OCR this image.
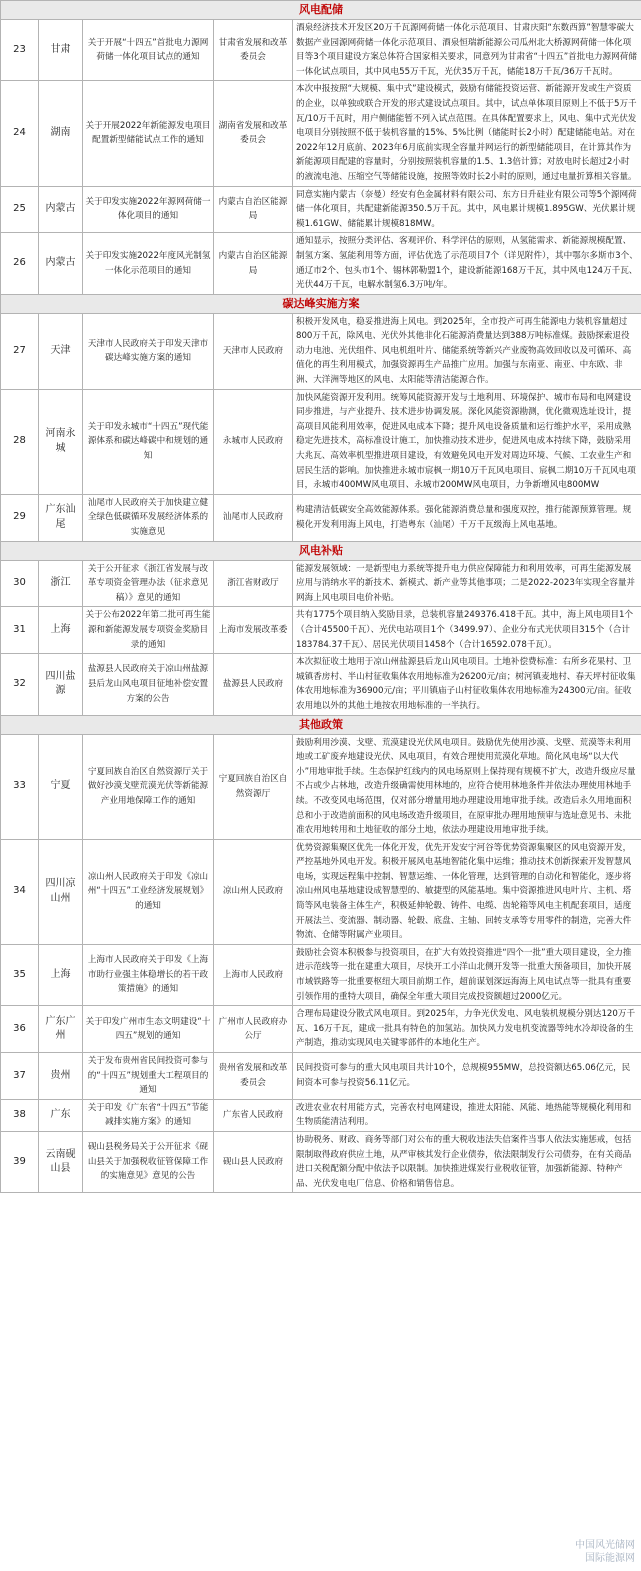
风电配储				
23	甘肃	关于开展“十四五”首批电力源网荷储一体化项目试点的通知	甘肃省发展和改革委员会	酒泉经济技术开发区20万千瓦源网荷储一体化示范项目、甘肃庆阳“东数西算”智慧零碳大数据产业园源网荷储一体化示范项目、酒泉恒瑞新能源公司瓜州北大桥源网荷储一体化项目等3个项目建设方案总体符合国家相关要求，同意列为甘肃省“十四五”首批电力源网荷储一体化试点项目，其中风电55万千瓦，光伏35万千瓦，储能18万千瓦/36万千瓦时。
24	湖南	关于开展2022年新能源发电项目配置新型储能试点工作的通知	湖南省发展和改革委员会	本次申报按照“大规模、集中式”建设模式，鼓励有储能投资运营、新能源开发或生产资质的企业，以单独或联合开发的形式建设试点项目。其中，试点单体项目原则上不低于5万千瓦/10万千瓦时，用户侧储能暂不列入试点范围。在具体配置要求上，风电、集中式光伏发电项目分别按照不低于装机容量的15%、5%比例（储能时长2小时）配建储能电站。对在2022年12月底前、2023年6月底前实现全容量并网运行的新型储能项目，在计算其作为新能源项目配建的容量时，分别按照装机容量的1.5、1.3倍计算；对放电时长超过2小时的液流电池、压缩空气等储能设施，按照等效时长2小时的原则，通过电量折算相关容量。
25	内蒙古	关于印发实施2022年源网荷储一体化项目的通知	内蒙古自治区能源局	同意实施内蒙古（奈曼）经安有色金属材料有限公司、东方日升硅业有限公司等5个源网荷储一体化项目，共配建新能源350.5万千瓦。其中，风电累计规模1.895GW、光伏累计规模1.61GW、储能累计规模818MW。
26	内蒙古	关于印发实施2022年度风光制氢一体化示范项目的通知	内蒙古自治区能源局	通知显示，按照分类评估、客观评价、科学评估的原则，从氢能需求、新能源规模配置、制氢方案、氢能利用等方面，评估优选了示范项目7个（详见附件），其中鄂尔多斯市3个、通辽市2个、包头市1个、锡林郭勒盟1个，建设新能源168万千瓦，其中风电124万千瓦、光伏44万千瓦，电解水制氢6.3万吨/年。
碳达峰实施方案				
27	天津	天津市人民政府关于印发天津市碳达峰实施方案的通知	天津市人民政府	积极开发风电，稳妥推进海上风电。到2025年，全市投产可再生能源电力装机容量超过800万千瓦，除风电、光伏外其他非化石能源消费量达到388万吨标准煤。鼓励探索退役动力电池、光伏组件、风电机组叶片、储能系统等新兴产业废物高效回收以及可循环、高值化的再生利用模式，加强资源再生产品推广应用。加强与东南亚、南亚、中东欧、非洲、大洋洲等地区的风电、太阳能等清洁能源合作。
28	河南永城	关于印发永城市“十四五”现代能源体系和碳达峰碳中和规划的通知	永城市人民政府	加快风能资源开发利用。统筹风能资源开发与土地利用、环境保护、城市布局和电网建设同步推进，与产业提升、技术进步协调发展。深化风能资源勘测，优化微观选址设计，提高项目风能利用效率，促进风电成本下降；提升风电设备质量和运行维护水平，采用成熟稳定先进技术，高标准设计施工，加快推动技术进步，促进风电成本持续下降，鼓励采用大兆瓦、高效率机型推进项目建设，有效避免风电开发对周边环境、气候、工农业生产和居民生活的影响。加快推进永城市宸枫一期10万千瓦风电项目、宸枫二期10万千瓦风电项目，永城市400MW风电项目、永城市200MW风电项目，力争新增风电800MW
29	广东汕尾	汕尾市人民政府关于加快建立健全绿色低碳循环发展经济体系的实施意见	汕尾市人民政府	构建清洁低碳安全高效能源体系。强化能源消费总量和强度双控，推行能源预算管理。规模化开发利用海上风电，打造粤东（汕尾）千万千瓦级海上风电基地。
风电补贴				
30	浙江	关于公开征求《浙江省发展与改革专项资金管理办法（征求意见稿）》意见的通知	浙江省财政厅	能源发展领域：一是新型电力系统等提升电力供应保障能力和利用效率，可再生能源发展应用与消纳水平的新技术、新模式、新产业等其他事项；二是2022-2023年实现全容量并网海上风电项目电价补贴。
31	上海	关于公布2022年第二批可再生能源和新能源发展专项资金奖励目录的通知	上海市发展改革委	共有1775个项目纳入奖励目录，总装机容量249376.418千瓦。其中，海上风电项目1个（合计45500千瓦）、光伏电站项目1个（3499.97）、企业分布式光伏项目315个（合计183784.37千瓦）、居民光伏项目1458个（合计16592.078千瓦）。
32	四川盐源	盐源县人民政府关于凉山州盐源县后龙山风电项目征地补偿安置方案的公告	盐源县人民政府	本次拟征收土地用于凉山州盐源县后龙山风电项目。土地补偿费标准：右所乡花果村、卫城镇香房村、半山村征收集体农用地标准为26200元/亩；树河镇麦地村、春天坪村征收集体农用地标准为36900元/亩；平川镇庙子山村征收集体农用地标准为24300元/亩。征收农用地以外的其他土地按农用地标准的一半执行。
其他政策				
33	宁夏	宁夏回族自治区自然资源厅关于做好沙漠戈壁荒漠光伏等新能源产业用地保障工作的通知	宁夏回族自治区自然资源厅	鼓励利用沙漠、戈壁、荒漠建设光伏风电项目。鼓励优先使用沙漠、戈壁、荒漠等未利用地或工矿废弃地建设光伏、风电项目，有效合理使用荒漠化草地。简化风电场“以大代小”用地审批手续。生态保护红线内的风电场原则上保持现有规模不扩大，改造升级应尽量不占或少占林地，改造升级确需使用林地的，应符合使用林地条件并依法办理使用林地手续。不改变风电场范围，仅对部分增量用地办理建设用地审批手续。改造后永久用地面积总和小于改造前面积的风电场改造升级项目，在原审批办理用地预审与选址意见书、未批准农用地转用和土地征收的部分土地，依法办理建设用地审批手续。
34	四川凉山州	凉山州人民政府关于印发《凉山州“十四五”工业经济发展规划》的通知	凉山州人民政府	优势资源集聚区优先一体化开发，优先开发安宁河谷等优势资源集聚区的风电资源开发，严控基地外风电开发。积极开展风电基地智能化集中运维；推动技术创新探索开发智慧风电场，实现远程集中控制、智慧运维、一体化管理，达到管理的自动化和智能化，逐步将凉山州风电基地建设成智慧型的、敏捷型的风能基地。集中资源推进风电叶片、主机、塔筒等风电装备主体生产，积极延伸轮毂、铸件、电缆、齿轮箱等风电主机配套项目，适度开展法兰、变流器、制动器、轮毂、底盘、主轴、回转支承等专用零件的制造，完善大件物流、仓储等附属产业项目。
35	上海	上海市人民政府关于印发《上海市助行业强主体稳增长的若干政策措施》的通知	上海市人民政府	鼓励社会资本积极参与投资项目，在扩大有效投资推进“四个一批”重大项目建设，全力推进示范线等一批在建重大项目，尽快开工小洋山北侧开发等一批重大预备项目，加快开展市域铁路等一批重要枢纽大项目前期工作，超前谋划深远海海上风电试点等一批具有重要引领作用的重特大项目，确保全年重大项目完成投资额超过2000亿元。
36	广东广州	关于印发广州市生态文明建设“十四五”规划的通知	广州市人民政府办公厅	合理布局建设分散式风电项目。到2025年，力争光伏发电、风电装机规模分别达120万千瓦、16万千瓦，建成一批具有特色的加氢站。加快风力发电机变流器等纯水冷却设备的生产制造，推动实现风电关键零部件的本地化生产。
37	贵州	关于发布贵州省民间投资可参与的“十四五”规划重大工程项目的通知	贵州省发展和改革委员会	民间投资可参与的重大风电项目共计10个，总规模955MW，总投资额达65.06亿元，民间资本可参与投资56.11亿元。
38	广东	关于印发《广东省“十四五”节能减排实施方案》的通知	广东省人民政府	改进农业农村用能方式，完善农村电网建设，推进太阳能、风能、地热能等规模化利用和生物质能清洁利用。
39	云南砚山县	砚山县税务局关于公开征求《砚山县关于加强税收征管保障工作的实施意见》意见的公告	砚山县人民政府	协助税务、财政、商务等部门对公布的重大税收违法失信案件当事人依法实施惩戒，包括限制取得政府供应土地，从严审核其发行企业债券，依法限制发行公司债券，在有关商品进口关税配额分配中依法予以限制。加快推进煤炭行业税收征管，加强新能源、特种产品、光伏发电电厂信息、价格和销售信息。
中国风光储网
国际能源网
